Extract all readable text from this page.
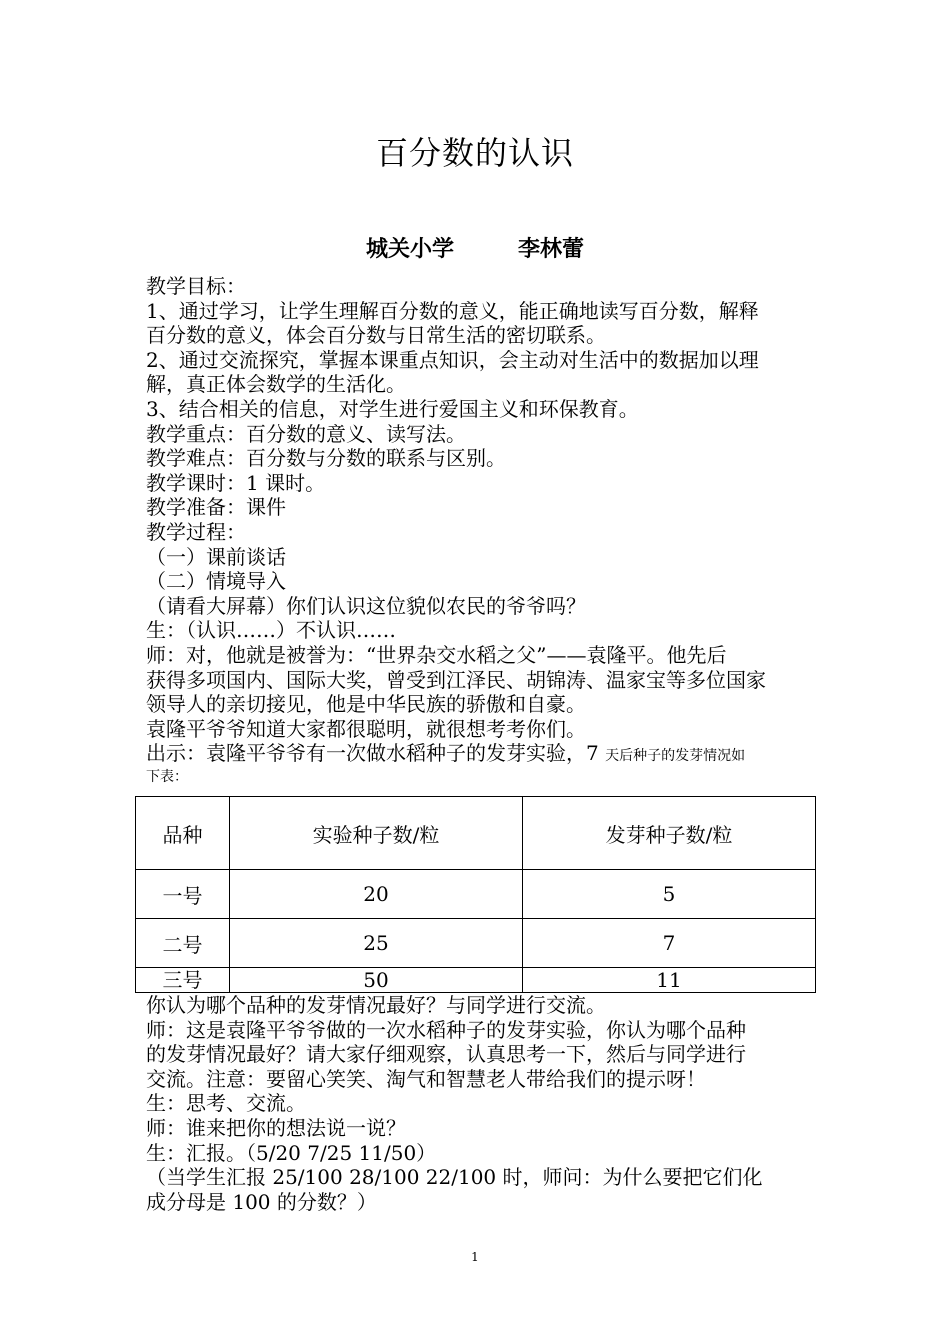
百分数的认识
城关小学	李林蕾

教学目标：

1、通过学习，让学生理解百分数的意义，能正确地读写百分数，解释

百分数的意义，体会百分数与日常生活的密切联系。

2、通过交流探究，掌握本课重点知识，会主动对生活中的数据加以理

解，真正体会数学的生活化。

3、结合相关的信息，对学生进行爱国主义和环保教育。

教学重点：百分数的意义、读写法。

教学难点：百分数与分数的联系与区别。

教学课时：1 课时。

教学准备：课件

教学过程：

（一）课前谈话

（二）情境导入

（请看大屏幕）你们认识这位貌似农民的爷爷吗？

生：（认识……）不认识……

师：对，他就是被誉为：“世界杂交水稻之父”——袁隆平。他先后

获得多项国内、国际大奖，曾受到江泽民、胡锦涛、温家宝等多位国家

领导人的亲切接见，他是中华民族的骄傲和自豪。

袁隆平爷爷知道大家都很聪明，就很想考考你们。

出示：袁隆平爷爷有一次做水稻种子的发芽实验，7 天后种子的发芽情况如

下表：

品种	实验种子数/粒	发芽种子数/粒
一号	20	5
二号	25	7
三号	50	11

你认为哪个品种的发芽情况最好？与同学进行交流。

师：这是袁隆平爷爷做的一次水稻种子的发芽实验，你认为哪个品种

的发芽情况最好？请大家仔细观察，认真思考一下，然后与同学进行

交流。注意：要留心笑笑、淘气和智慧老人带给我们的提示呀！

生：思考、交流。

师：谁来把你的想法说一说？

生：汇报。（5/20 7/25 11/50）

（当学生汇报 25/100 28/100 22/100 时，师问：为什么要把它们化

成分母是 100 的分数？）

1
